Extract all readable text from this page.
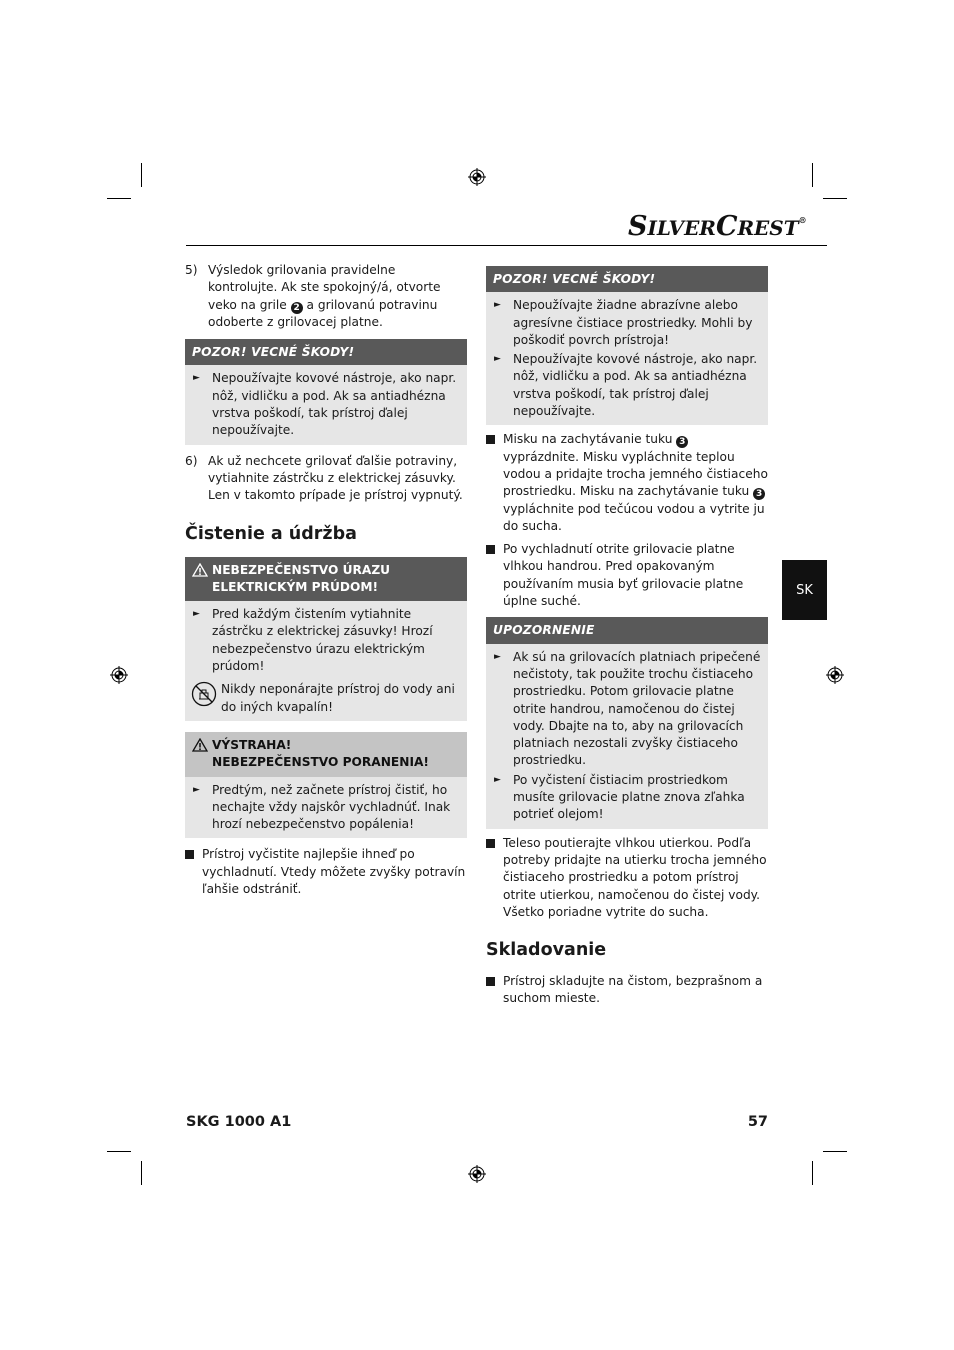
SILVERCREST®
5) Výsledok grilovania pravidelne kontrolujte. Ak ste spokojný/á, otvorte veko na grile 2 a grilovanú potravinu odoberte z grilovacej platne.
POZOR! VECNÉ ŠKODY!
► Nepoužívajte kovové nástroje, ako napr. nôž, vidličku a pod. Ak sa antiadhézna vrstva poškodí, tak prístroj ďalej nepoužívajte.
6) Ak už nechcete grilovať ďalšie potraviny, vytiahnite zástrčku z elektrickej zásuvky. Len v takomto prípade je prístroj vypnutý.
Čistenie a údržba
NEBEZPEČENSTVO ÚRAZU ELEKTRICKÝM PRÚDOM!
► Pred každým čistením vytiahnite zástrčku z elektrickej zásuvky! Hrozí nebezpečenstvo úrazu elektrickým prúdom!
Nikdy neponárajte prístroj do vody ani do iných kvapalín!
VÝSTRAHA!
NEBEZPEČENSTVO PORANENIA!
► Predtým, než začnete prístroj čistiť, ho nechajte vždy najskôr vychladnúť. Inak hrozí nebezpečenstvo popálenia!
Prístroj vyčistite najlepšie ihneď po vychladnutí. Vtedy môžete zvyšky potravín ľahšie odstrániť.
POZOR! VECNÉ ŠKODY!
► Nepoužívajte žiadne abrazívne alebo agresívne čistiace prostriedky. Mohli by poškodiť povrch prístroja!
► Nepoužívajte kovové nástroje, ako napr. nôž, vidličku a pod. Ak sa antiadhézna vrstva poškodí, tak prístroj ďalej nepoužívajte.
Misku na zachytávanie tuku 3 vyprázdnite. Misku vypláchnite teplou vodou a pridajte trocha jemného čistiaceho prostriedku. Misku na zachytávanie tuku 3 vypláchnite pod tečúcou vodou a vytrite ju do sucha.
Po vychladnutí otrite grilovacie platne vlhkou handrou. Pred opakovaným používaním musia byť grilovacie platne úplne suché.
UPOZORNENIE
► Ak sú na grilovacích platniach pripečené nečistoty, tak použite trochu čistiaceho prostriedku. Potom grilovacie platne otrite handrou, namočenou do čistej vody. Dbajte na to, aby na grilovacích platniach nezostali zvyšky čistiaceho prostriedku.
► Po vyčistení čistiacim prostriedkom musíte grilovacie platne znova zľahka potrieť olejom!
Teleso poutierajte vlhkou utierkou. Podľa potreby pridajte na utierku trocha jemného čistiaceho prostriedku a potom prístroj otrite utierkou, namočenou do čistej vody. Všetko poriadne vytrite do sucha.
Skladovanie
Prístroj skladujte na čistom, bezprašnom a suchom mieste.
SK
SKG 1000 A1	57
